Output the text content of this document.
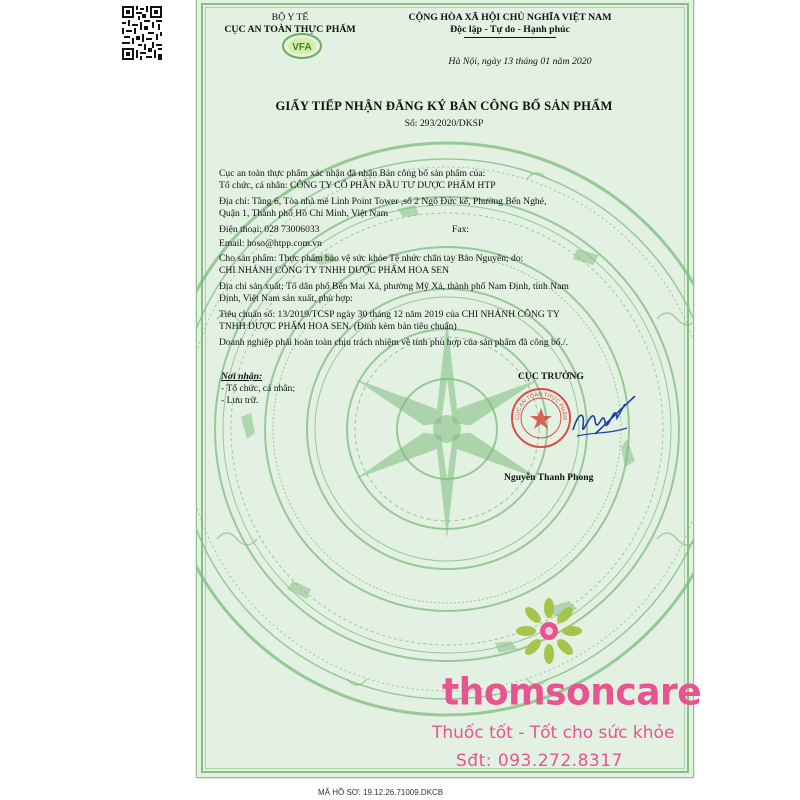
BỘ Y TẾ
CỤC AN TOÀN THỰC PHẨM
VFA
CỘNG HÒA XÃ HỘI CHỦ NGHĨA VIỆT NAM
Độc lập - Tự do - Hạnh phúc
Hà Nội, ngày 13 tháng 01 năm 2020
GIẤY TIẾP NHẬN ĐĂNG KÝ BẢN CÔNG BỐ SẢN PHẨM
Số: 293/2020/DKSP
Cục an toàn thực phẩm xác nhận đã nhận Bản công bố sản phẩm của:
Tổ chức, cá nhân: CÔNG TY CỔ PHẦN ĐẦU TƯ DƯỢC PHẨM HTP
Địa chỉ: Tầng 6, Tòa nhà mê Linh Point Tower ,số 2 Ngô Đức kế, Phường Bến Nghé,
Quận 1, Thành phố Hồ Chí Minh, Việt Nam
Điện thoại: 028 73006033	Fax:
Email: hoso@htpp.com.vn
Cho sản phẩm: Thực phẩm bảo vệ sức khỏe Tê nhức chân tay Bảo Nguyên; do:
CHI NHÁNH CÔNG TY TNHH DƯỢC PHẨM HOA SEN
Địa chỉ sản xuất: Tổ dân phố Bến Mai Xá, phường Mỹ Xá, thành phố Nam Định, tỉnh Nam
Định, Việt Nam sản xuất, phù hợp:
Tiêu chuẩn số: 13/2019/TCSP ngày 30 tháng 12 năm 2019 của CHI NHÁNH CÔNG TY
TNHH DƯỢC PHẨM HOA SEN. (Đính kèm bản tiêu chuẩn)
Doanh nghiệp phải hoàn toàn chịu trách nhiệm về tính phù hợp của sản phẩm đã công bố./.
Nơi nhận:
- Tổ chức, cá nhân;
- Lưu trữ.
CỤC TRƯỞNG
CỤC AN TOÀN THỰC PHẨM
Nguyễn Thanh Phong
thomsoncare
Thuốc tốt - Tốt cho sức khỏe
Sđt: 093.272.8317
MÃ HỒ SƠ: 19.12.26.71009.DKCB
